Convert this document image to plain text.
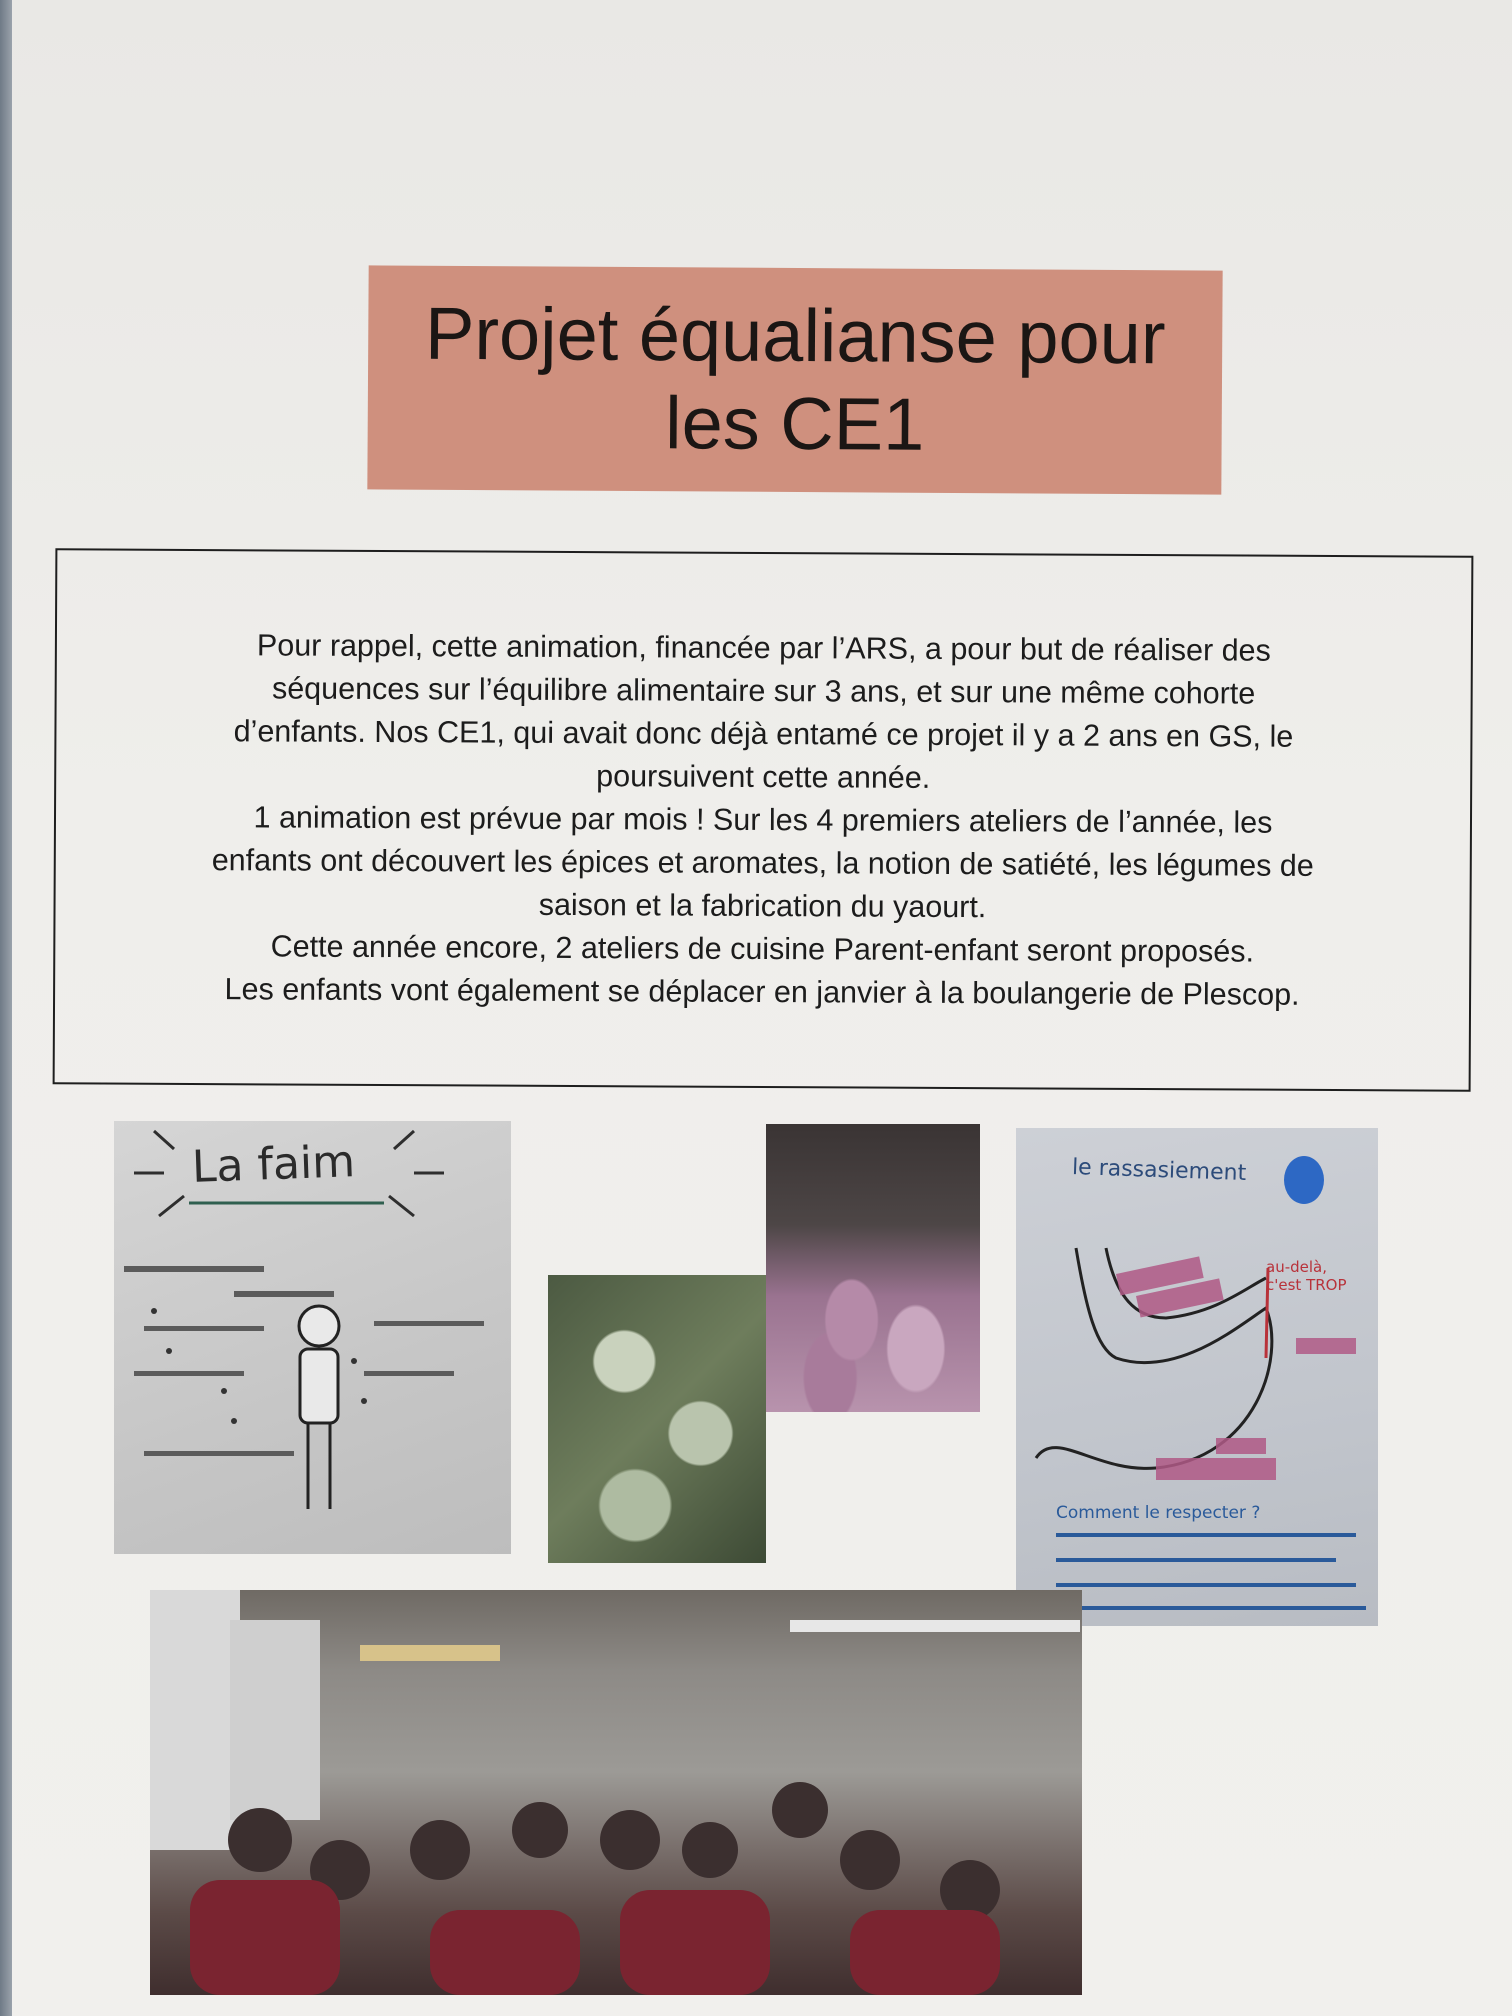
Projet équalianse pour
les CE1

Pour rappel, cette animation, financée par l’ARS, a pour but de réaliser des

séquences sur l’équilibre alimentaire sur 3 ans, et sur une même cohorte

d’enfants. Nos CE1, qui avait donc déjà entamé ce projet il y a 2 ans en GS, le

poursuivent cette année.

1 animation est prévue par mois ! Sur les 4 premiers ateliers de l’année, les

enfants ont découvert les épices et aromates, la notion de satiété, les légumes de

saison et la fabrication du yaourt.

Cette année encore, 2 ateliers de cuisine Parent-enfant seront proposés.

Les enfants vont également se déplacer en janvier à la boulangerie de Plescop.

La faim	le rassasiement

au-delà, c'est TROP

Comment le respecter ?
